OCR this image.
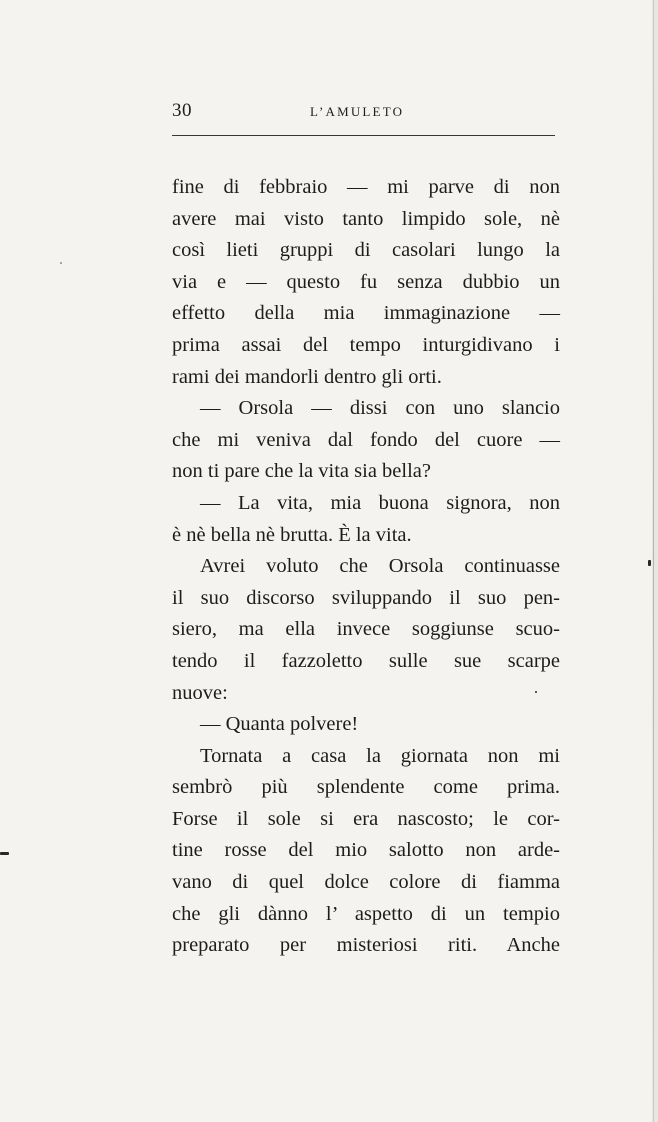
30	L’AMULETO
fine di febbraio — mi parve di non
avere mai visto tanto limpido sole, nè
così lieti gruppi di casolari lungo la
via e — questo fu senza dubbio un
effetto della mia immaginazione —
prima assai del tempo inturgidivano i
rami dei mandorli dentro gli orti.
— Orsola — dissi con uno slancio
che mi veniva dal fondo del cuore —
non ti pare che la vita sia bella?
— La vita, mia buona signora, non
è nè bella nè brutta. È la vita.
Avrei voluto che Orsola continuasse
il suo discorso sviluppando il suo pen-
siero, ma ella invece soggiunse scuo-
tendo il fazzoletto sulle sue scarpe
nuove:
— Quanta polvere!
Tornata a casa la giornata non mi
sembrò più splendente come prima.
Forse il sole si era nascosto; le cor-
tine rosse del mio salotto non arde-
vano di quel dolce colore di fiamma
che gli dànno l’ aspetto di un tempio
preparato per misteriosi riti. Anche
